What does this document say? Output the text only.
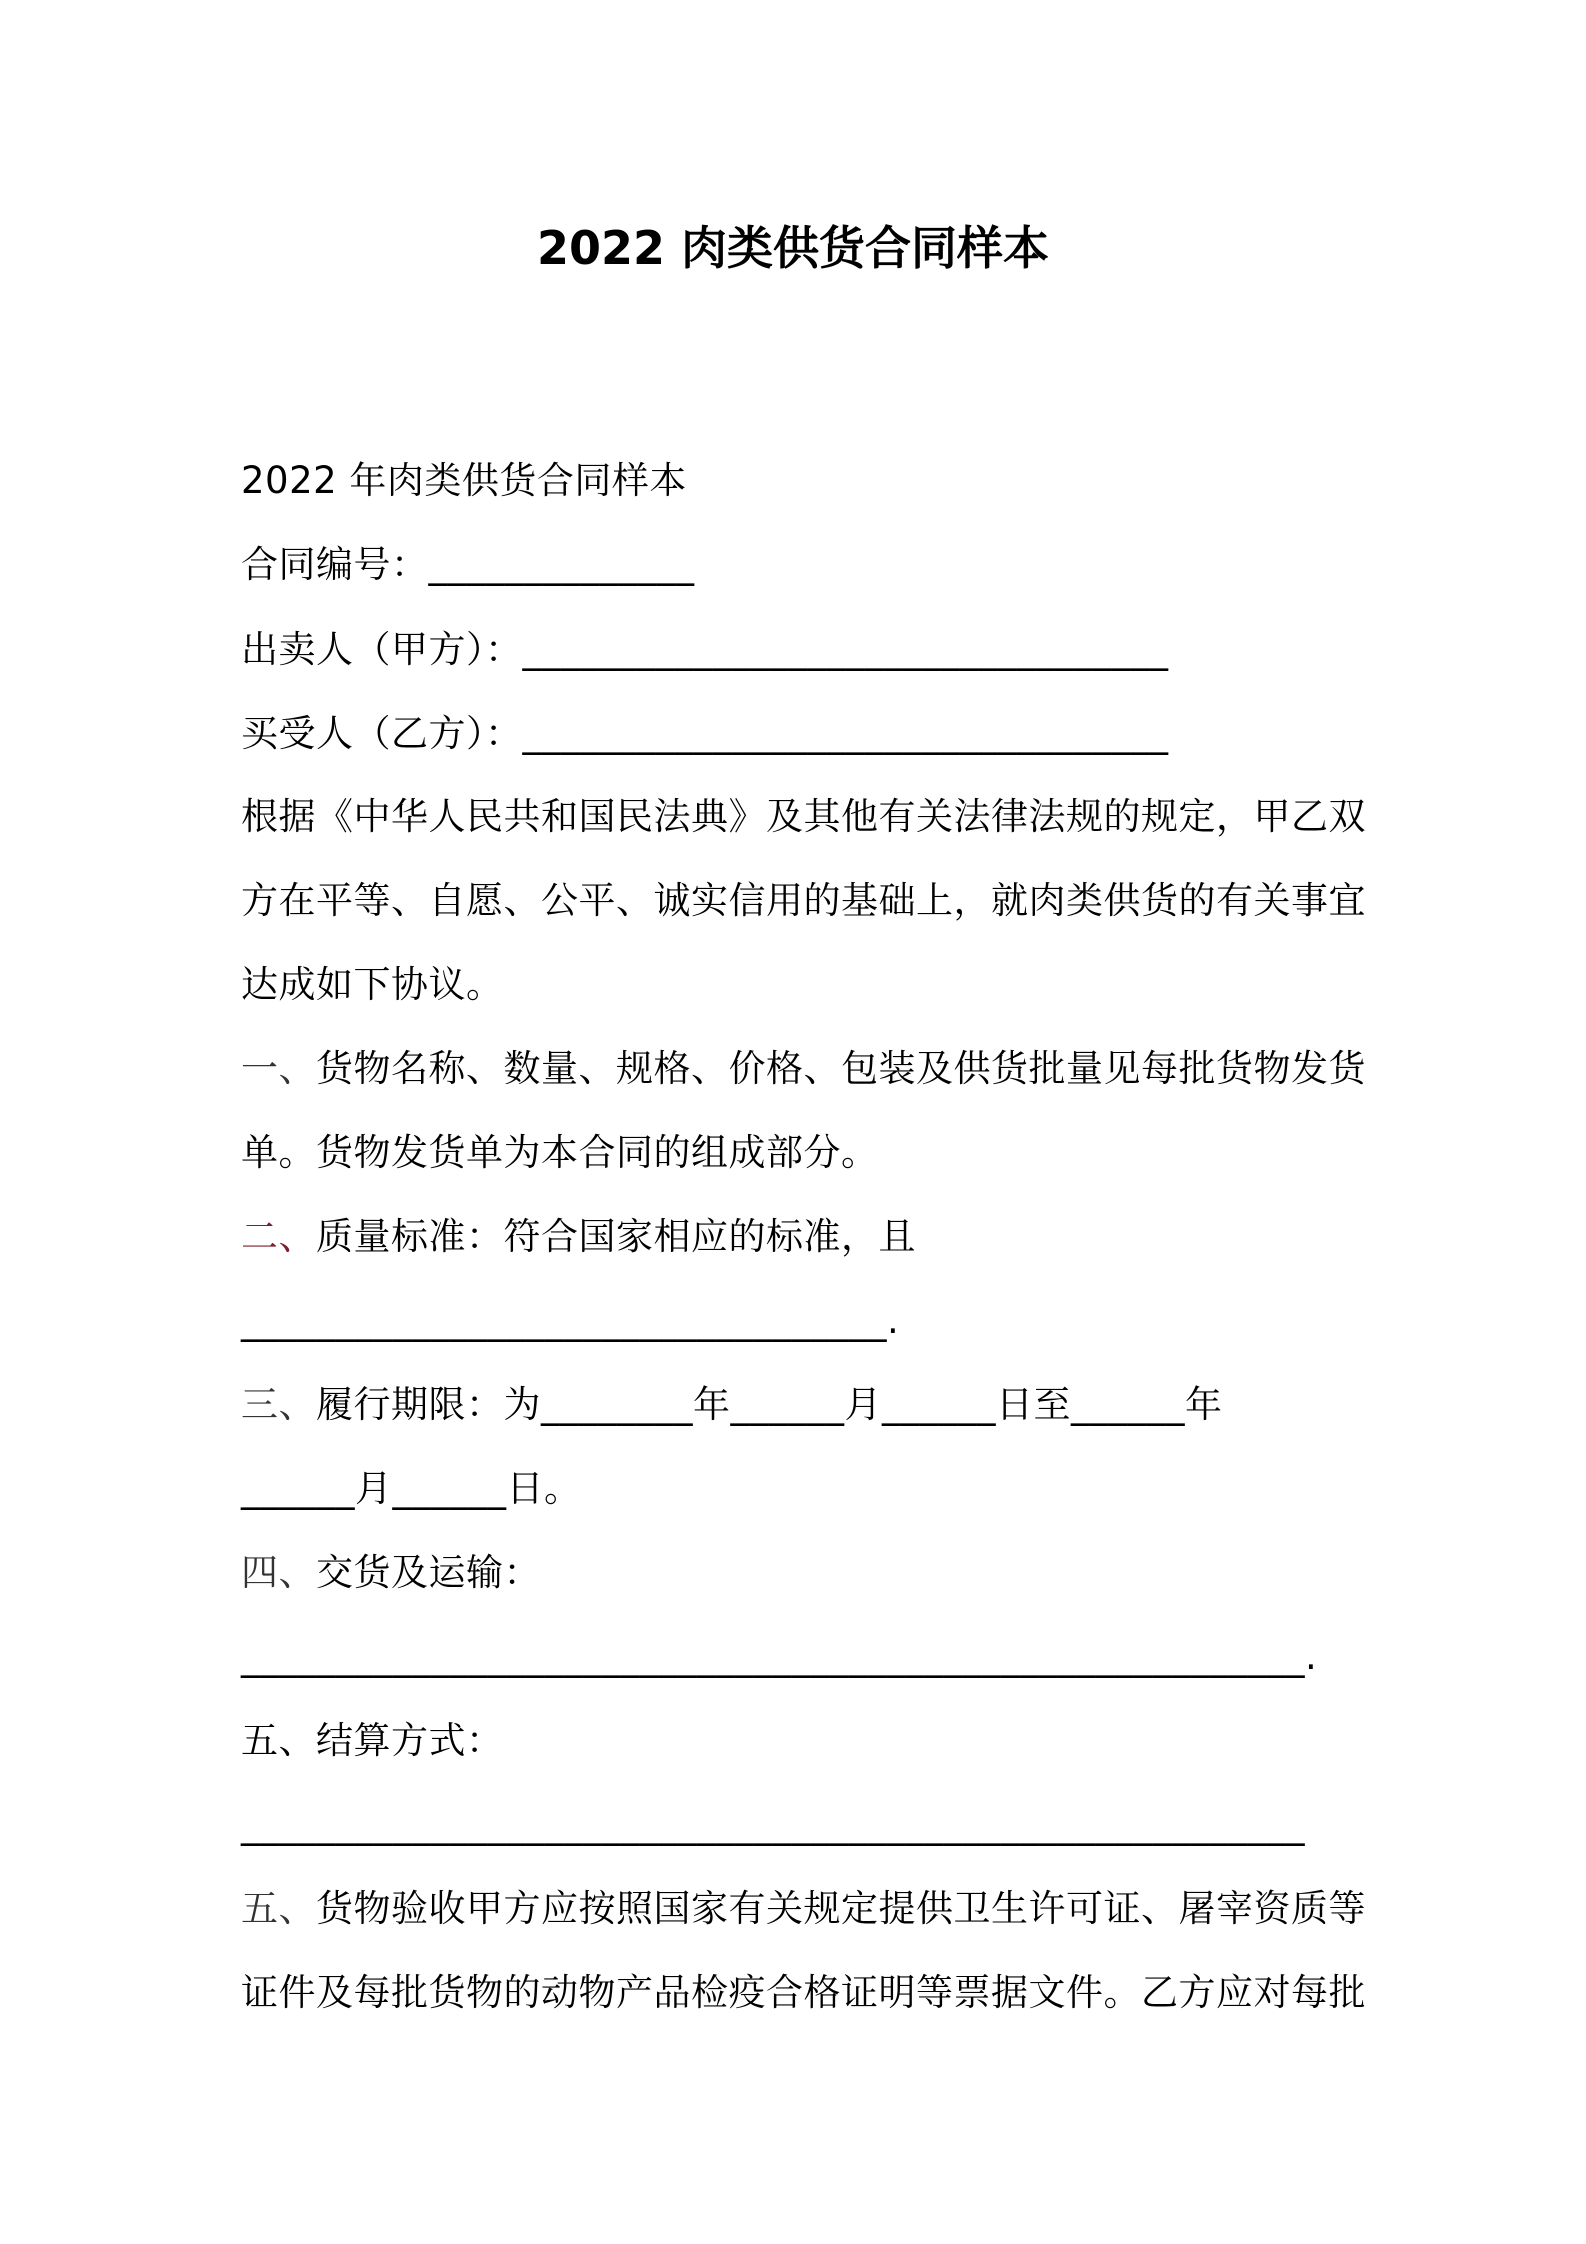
2022 肉类供货合同样本
2022 年肉类供货合同样本
合同编号：______________
出卖人（甲方）：__________________________________
买受人（乙方）：__________________________________
根据《中华人民共和国民法典》及其他有关法律法规的规定，甲乙双
方在平等、自愿、公平、诚实信用的基础上，就肉类供货的有关事宜
达成如下协议。
一、货物名称、数量、规格、价格、包装及供货批量见每批货物发货
单。货物发货单为本合同的组成部分。
二、质量标准：符合国家相应的标准，且
__________________________________.
三、履行期限：为________年______月______日至______年
______月______日。
四、交货及运输：
________________________________________________________.
五、结算方式：
________________________________________________________
五、货物验收甲方应按照国家有关规定提供卫生许可证、屠宰资质等
证件及每批货物的动物产品检疫合格证明等票据文件。乙方应对每批
